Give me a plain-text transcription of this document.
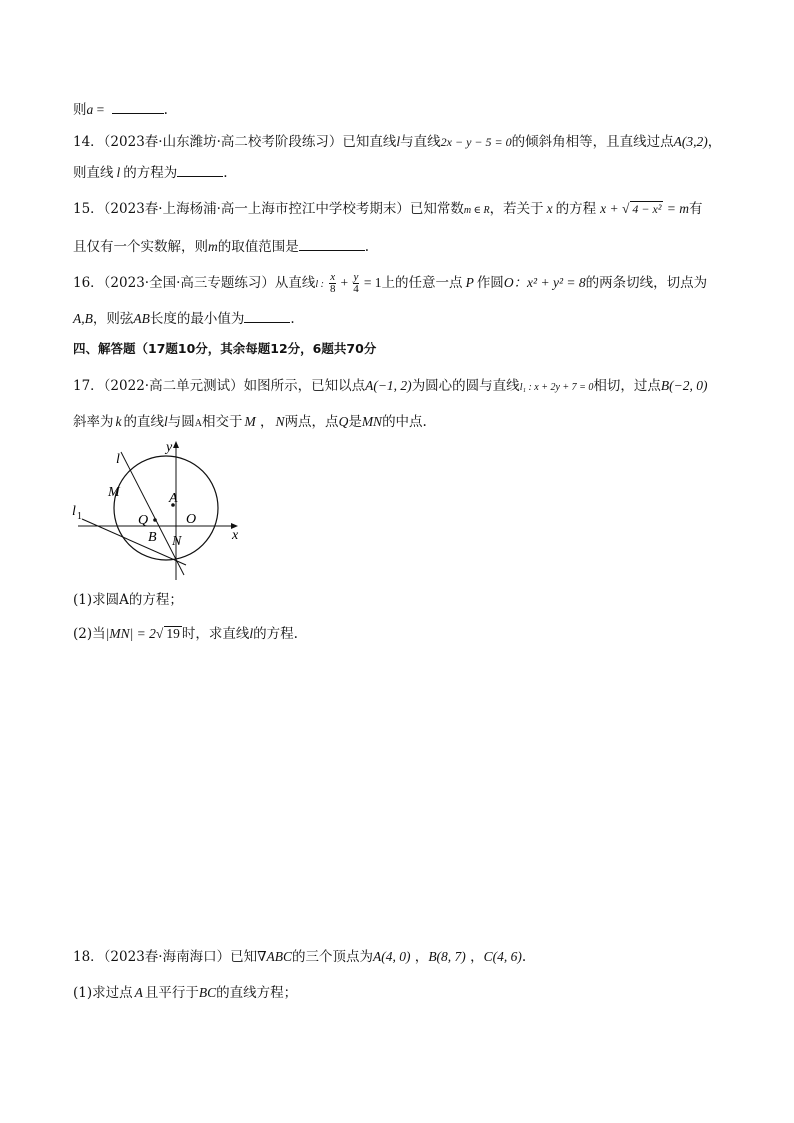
则a =	.
14．（2023春·山东潍坊·高二校考阶段练习）已知直线l与直线2x − y − 5 = 0的倾斜角相等，且直线过点A(3,2)，
则直线 l 的方程为	.
15．（2023春·上海杨浦·高一上海市控江中学校考期末）已知常数m ∈ R，若关于 x 的方程 x + √ 4 − x² = m有
且仅有一个实数解，则m的取值范围是	.
16．（2023·全国·高三专题练习）从直线l : $\frac{x}{8} + \frac{y}{4} = 1$上的任意一点 P 作圆O：x² + y² = 8的两条切线，切点为
A,B，则弦AB长度的最小值为	.
四、解答题（17题10分，其余每题12分，6题共70分
17．（2022·高二单元测试）如图所示，已知以点A(−1, 2)为圆心的圆与直线l₁ : x + 2y + 7 = 0相切，过点B(−2, 0)
斜率为 k 的直线l与圆A相交于 M ， N两点，点Q是MN的中点.
y
x
l
M	A
l 1	Q	O
B N
(1)求圆A的方程；
(2)当|MN| = 2√ 19 时，求直线l的方程.
18．（2023春·海南海口）已知∇ABC的三个顶点为A(4, 0) ，B(8, 7) ，C(4, 6).
(1)求过点 A 且平行于BC的直线方程；
